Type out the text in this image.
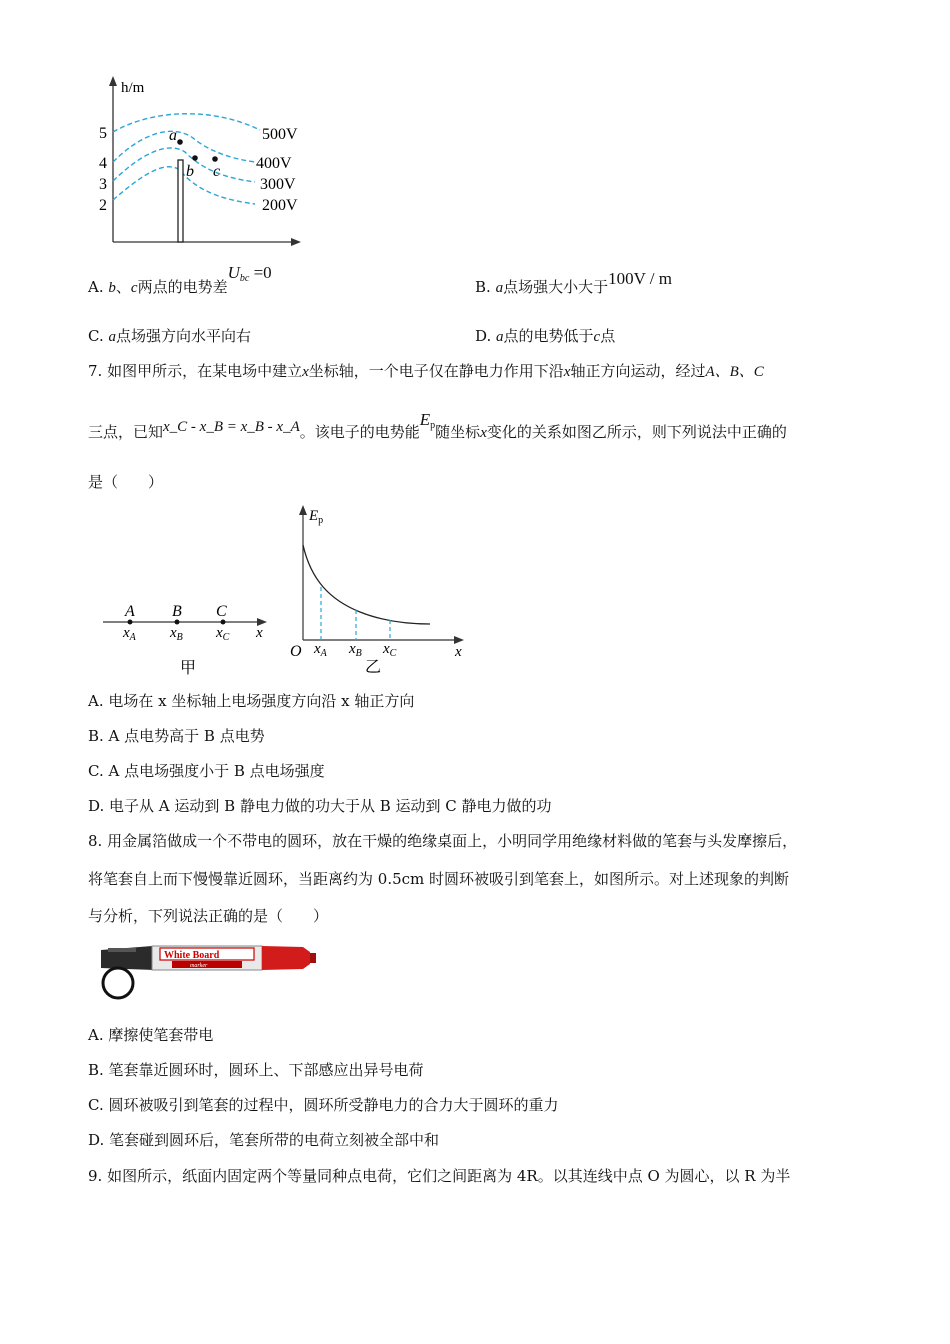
h/m
5
4
3
2
500V
400V
300V
200V
a
b c
A. b、c两点的电势差$U_{bc} =0$
B. a点场强大小大于100V / m
C. a点场强方向水平向右	D. a点的电势低于c点
7. 如图甲所示，在某电场中建立x坐标轴，一个电子仅在静电力作用下沿x轴正方向运动，经过A、B、C
三点，已知x_C - x_B = x_B - x_A。该电子的电势能$E_p$随坐标x变化的关系如图乙所示，则下列说法中正确的
是（　　）
A B C
$x_A$ $x_B$ $x_C$ x
甲
$E_p$
O $x_A$ $x_B$ $x_C$	x
乙
A. 电场在 x 坐标轴上电场强度方向沿 x 轴正方向
B. A 点电势高于 B 点电势
C. A 点电场强度小于 B 点电场强度
D. 电子从 A 运动到 B 静电力做的功大于从 B 运动到 C 静电力做的功
8. 用金属箔做成一个不带电的圆环，放在干燥的绝缘桌面上，小明同学用绝缘材料做的笔套与头发摩擦后，
将笔套自上而下慢慢靠近圆环，当距离约为 0.5cm 时圆环被吸引到笔套上，如图所示。对上述现象的判断
与分析，下列说法正确的是（　　）
White Board
marker
A. 摩擦使笔套带电
B. 笔套靠近圆环时，圆环上、下部感应出异号电荷
C. 圆环被吸引到笔套的过程中，圆环所受静电力的合力大于圆环的重力
D. 笔套碰到圆环后，笔套所带的电荷立刻被全部中和
9. 如图所示，纸面内固定两个等量同种点电荷，它们之间距离为 4R。以其连线中点 O 为圆心，以 R 为半
